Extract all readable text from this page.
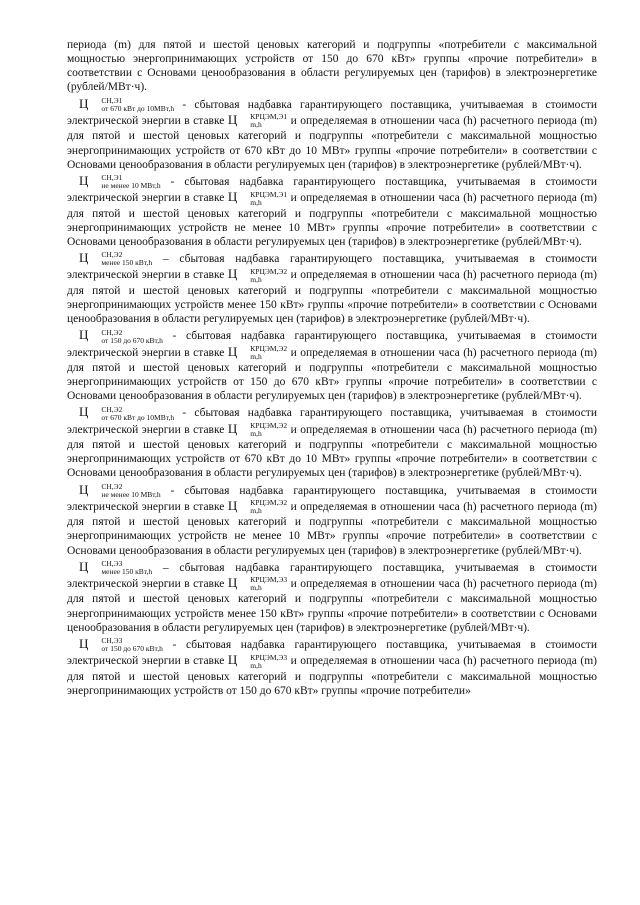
периода (m) для пятой и шестой ценовых категорий и подгруппы «потребители с максимальной мощностью энергопринимающих устройств от 150 до 670 кВт» группы «прочие потребители» в соответствии с Основами ценообразования в области регулируемых цен (тарифов) в электроэнергетике (рублей/МВт·ч).

Ц	СН,Э1
от 670 кВт до 10МВт,h - сбытовая надбавка гарантирующего поставщика, учитываемая в стоимости электрической энергии в ставке Ц	КРЦЭМ,Э1
m,h	и определяемая в отношении часа (h) расчетного периода (m) для пятой и шестой ценовых категорий и подгруппы «потребители с максимальной мощностью энергопринимающих устройств от 670 кВт до 10 МВт» группы «прочие потребители» в соответствии с Основами ценообразования в области регулируемых цен (тарифов) в электроэнергетике (рублей/МВт·ч).

Ц	СН,Э1
не менее 10 МВт,h - сбытовая надбавка гарантирующего поставщика, учитываемая в стоимости электрической энергии в ставке Ц	КРЦЭМ,Э1
m,h	и определяемая в отношении часа (h) расчетного периода (m) для пятой и шестой ценовых категорий и подгруппы «потребители с максимальной мощностью энергопринимающих устройств не менее 10 МВт» группы «прочие потребители» в соответствии с Основами ценообразования в области регулируемых цен (тарифов) в электроэнергетике (рублей/МВт·ч).

Ц	СН,Э2
менее 150 кВт,h – сбытовая надбавка гарантирующего поставщика, учитываемая в стоимости электрической энергии в ставке Ц	КРЦЭМ,Э2
m,h	и определяемая в отношении часа (h) расчетного периода (m) для пятой и шестой ценовых категорий и подгруппы «потребители с максимальной мощностью энергопринимающих устройств менее 150 кВт» группы «прочие потребители» в соответствии с Основами ценообразования в области регулируемых цен (тарифов) в электроэнергетике (рублей/МВт·ч).

Ц	СН,Э2
от 150 до 670 кВт,h - сбытовая надбавка гарантирующего поставщика, учитываемая в стоимости электрической энергии в ставке Ц	КРЦЭМ,Э2
m,h	и определяемая в отношении часа (h) расчетного периода (m) для пятой и шестой ценовых категорий и подгруппы «потребители с максимальной мощностью энергопринимающих устройств от 150 до 670 кВт» группы «прочие потребители» в соответствии с Основами ценообразования в области регулируемых цен (тарифов) в электроэнергетике (рублей/МВт·ч).

Ц	СН,Э2
от 670 кВт до 10МВт,h - сбытовая надбавка гарантирующего поставщика, учитываемая в стоимости электрической энергии в ставке Ц	КРЦЭМ,Э2
m,h	и определяемая в отношении часа (h) расчетного периода (m) для пятой и шестой ценовых категорий и подгруппы «потребители с максимальной мощностью энергопринимающих устройств от 670 кВт до 10 МВт» группы «прочие потребители» в соответствии с Основами ценообразования в области регулируемых цен (тарифов) в электроэнергетике (рублей/МВт·ч).

Ц	СН,Э2
не менее 10 МВт,h - сбытовая надбавка гарантирующего поставщика, учитываемая в стоимости электрической энергии в ставке Ц	КРЦЭМ,Э2
m,h	и определяемая в отношении часа (h) расчетного периода (m) для пятой и шестой ценовых категорий и подгруппы «потребители с максимальной мощностью энергопринимающих устройств не менее 10 МВт» группы «прочие потребители» в соответствии с Основами ценообразования в области регулируемых цен (тарифов) в электроэнергетике (рублей/МВт·ч).

Ц	СН,Э3
менее 150 кВт,h – сбытовая надбавка гарантирующего поставщика, учитываемая в стоимости электрической энергии в ставке Ц	КРЦЭМ,Э3
m,h	и определяемая в отношении часа (h) расчетного периода (m) для пятой и шестой ценовых категорий и подгруппы «потребители с максимальной мощностью энергопринимающих устройств менее 150 кВт» группы «прочие потребители» в соответствии с Основами ценообразования в области регулируемых цен (тарифов) в электроэнергетике (рублей/МВт·ч).

Ц	СН,Э3
от 150 до 670 кВт,h - сбытовая надбавка гарантирующего поставщика, учитываемая в стоимости электрической энергии в ставке Ц	КРЦЭМ,Э3
m,h	и определяемая в отношении часа (h) расчетного периода (m) для пятой и шестой ценовых категорий и подгруппы «потребители с максимальной мощностью энергопринимающих устройств от 150 до 670 кВт» группы «прочие потребители»
